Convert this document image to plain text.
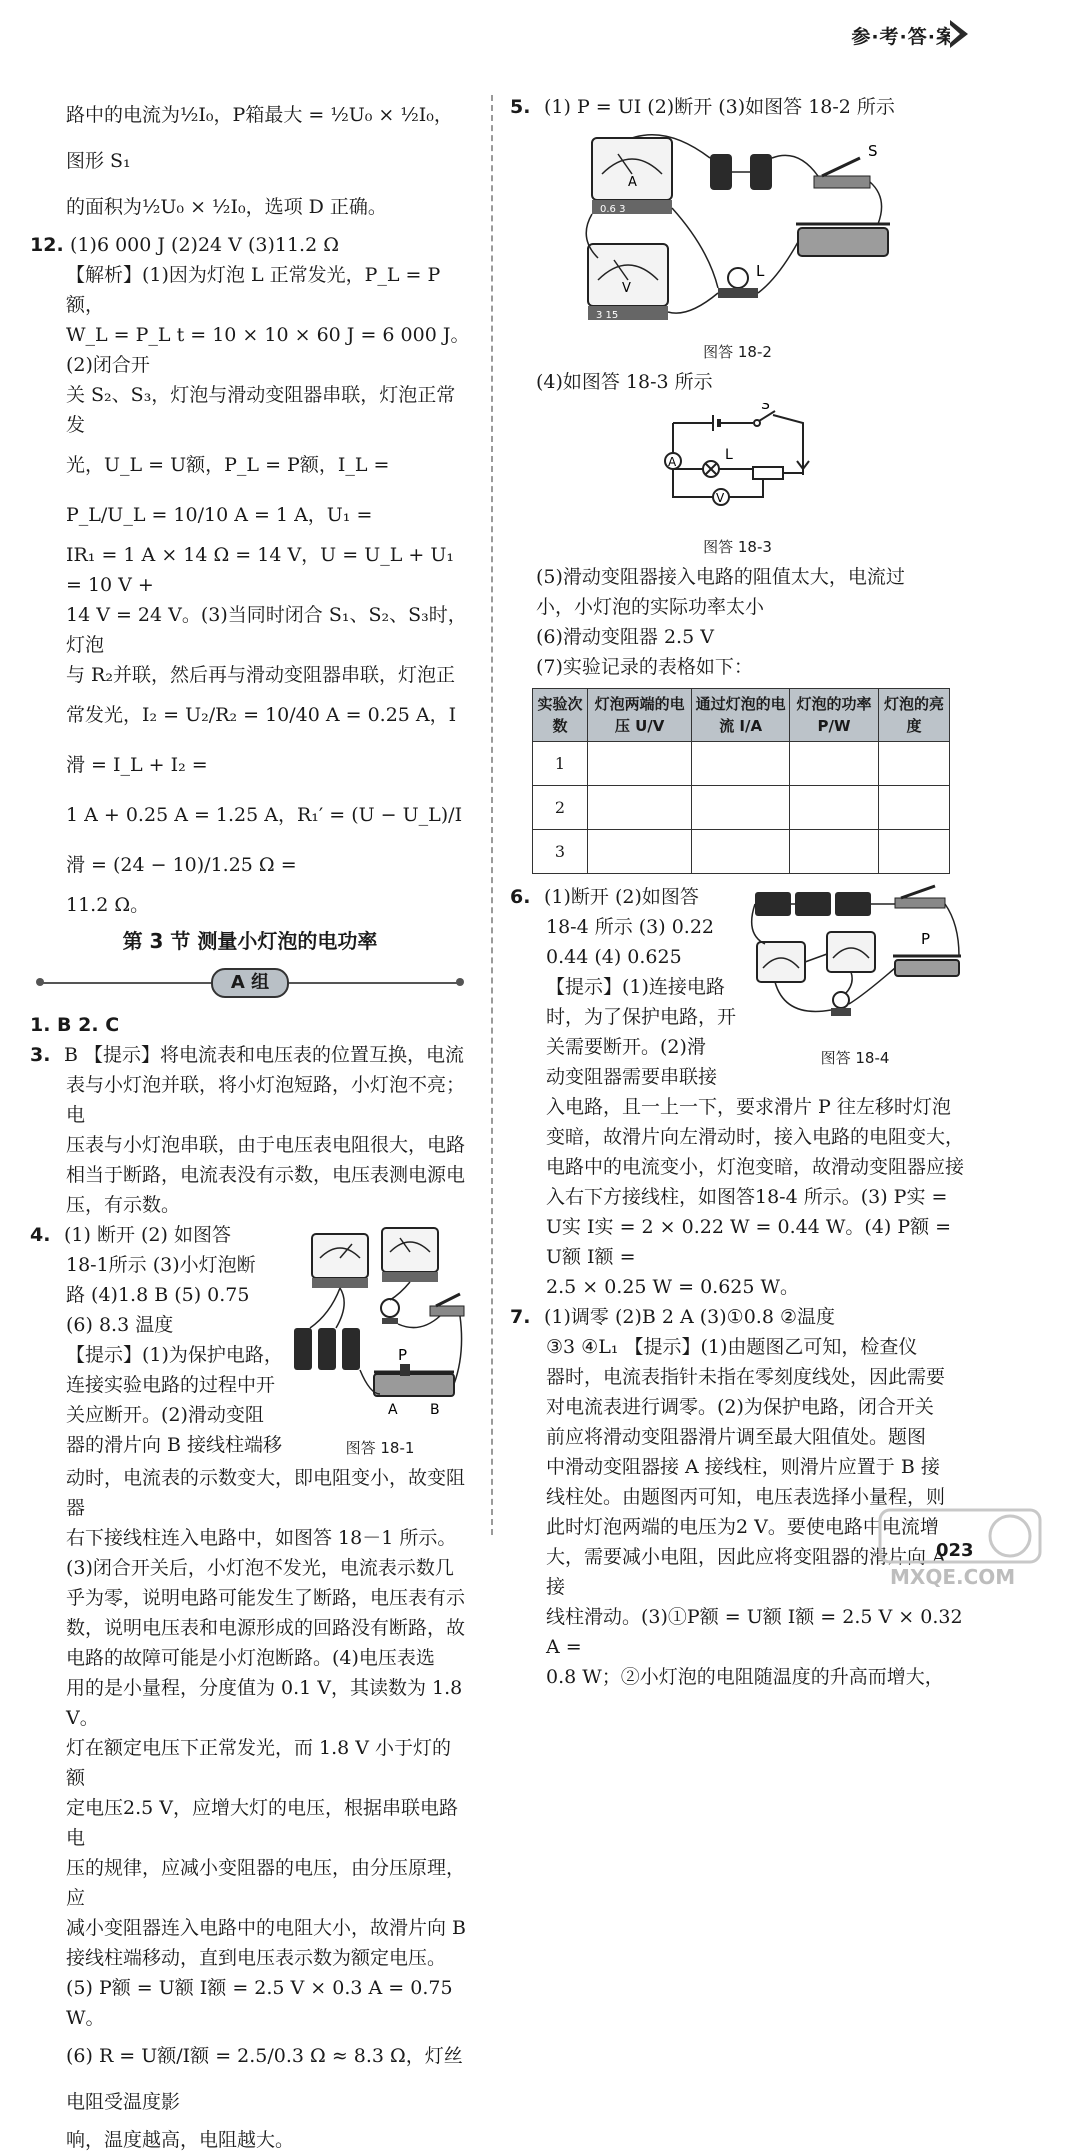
参·考·答·案

路中的电流为½I₀，P箱最大 = ½U₀ × ½I₀，图形 S₁

的面积为½U₀ × ½I₀，选项 D 正确。

12. (1)6 000 J (2)24 V (3)11.2 Ω

【解析】(1)因为灯泡 L 正常发光，P_L = P额，

W_L = P_L t = 10 × 10 × 60 J = 6 000 J。(2)闭合开

关 S₂、S₃，灯泡与滑动变阻器串联，灯泡正常发

光，U_L = U额，P_L = P额，I_L = P_L/U_L = 10/10 A = 1 A，U₁ =

IR₁ = 1 A × 14 Ω = 14 V，U = U_L + U₁ = 10 V +

14 V = 24 V。(3)当同时闭合 S₁、S₂、S₃时，灯泡

与 R₂并联，然后再与滑动变阻器串联，灯泡正

常发光，I₂ = U₂/R₂ = 10/40 A = 0.25 A，I滑 = I_L + I₂ =

1 A + 0.25 A = 1.25 A，R₁′ = (U − U_L)/I滑 = (24 − 10)/1.25 Ω =

11.2 Ω。

第 3 节 测量小灯泡的电功率
A 组

1. B 2. C

3. B 【提示】将电流表和电压表的位置互换，电流

表与小灯泡并联，将小灯泡短路，小灯泡不亮；电

压表与小灯泡串联，由于电压表电阻很大，电路

相当于断路，电流表没有示数，电压表测电源电

压，有示数。

P
A B
图答 18-1

4. (1) 断开 (2) 如图答

18-1所示 (3)小灯泡断

路 (4)1.8 B (5) 0.75

(6) 8.3 温度

【提示】(1)为保护电路，

连接实验电路的过程中开

关应断开。(2)滑动变阻

器的滑片向 B 接线柱端移

动时，电流表的示数变大，即电阻变小，故变阻器

右下接线柱连入电路中，如图答 18－1 所示。

(3)闭合开关后，小灯泡不发光，电流表示数几

乎为零，说明电路可能发生了断路，电压表有示

数，说明电压表和电源形成的回路没有断路，故

电路的故障可能是小灯泡断路。(4)电压表选

用的是小量程，分度值为 0.1 V，其读数为 1.8 V。

灯在额定电压下正常发光，而 1.8 V 小于灯的额

定电压2.5 V，应增大灯的电压，根据串联电路电

压的规律，应减小变阻器的电压，由分压原理，应

减小变阻器连入电路中的电阻大小，故滑片向 B

接线柱端移动，直到电压表示数为额定电压。

(5) P额 = U额 I额 = 2.5 V × 0.3 A = 0.75 W。

(6) R = U额/I额 = 2.5/0.3 Ω ≈ 8.3 Ω，灯丝电阻受温度影

响，温度越高，电阻越大。

5. (1) P = UI (2)断开 (3)如图答 18-2 所示

A
0.6 3
V
3 15
S
L
图答 18-2

(4)如图答 18-3 所示

S
A	L
V
图答 18-3

(5)滑动变阻器接入电路的阻值太大，电流过

小，小灯泡的实际功率太小

(6)滑动变阻器 2.5 V

(7)实验记录的表格如下：

实验次数	灯泡两端的电压 U/V	通过灯泡的电流 I/A	灯泡的功率 P/W	灯泡的亮度
1				
2				
3				
P
图答 18-4

6. (1)断开 (2)如图答

18-4 所示 (3) 0.22

0.44 (4) 0.625

【提示】(1)连接电路

时，为了保护电路，开

关需要断开。(2)滑

动变阻器需要串联接

入电路，且一上一下，要求滑片 P 往左移时灯泡

变暗，故滑片向左滑动时，接入电路的电阻变大，

电路中的电流变小，灯泡变暗，故滑动变阻器应接

入右下方接线柱，如图答18-4 所示。(3) P实 =

U实 I实 = 2 × 0.22 W = 0.44 W。(4) P额 = U额 I额 =

2.5 × 0.25 W = 0.625 W。

7. (1)调零 (2)B 2 A (3)①0.8 ②温度

③3 ④L₁ 【提示】(1)由题图乙可知，检查仪

器时，电流表指针未指在零刻度线处，因此需要

对电流表进行调零。(2)为保护电路，闭合开关

前应将滑动变阻器滑片调至最大阻值处。题图

中滑动变阻器接 A 接线柱，则滑片应置于 B 接

线柱处。由题图丙可知，电压表选择小量程，则

此时灯泡两端的电压为2 V。要使电路中电流增

大，需要减小电阻，因此应将变阻器的滑片向 A 接

线柱滑动。(3)①P额 = U额 I额 = 2.5 V × 0.32 A =

0.8 W；②小灯泡的电阻随温度的升高而增大，

MXQE.COM
023
